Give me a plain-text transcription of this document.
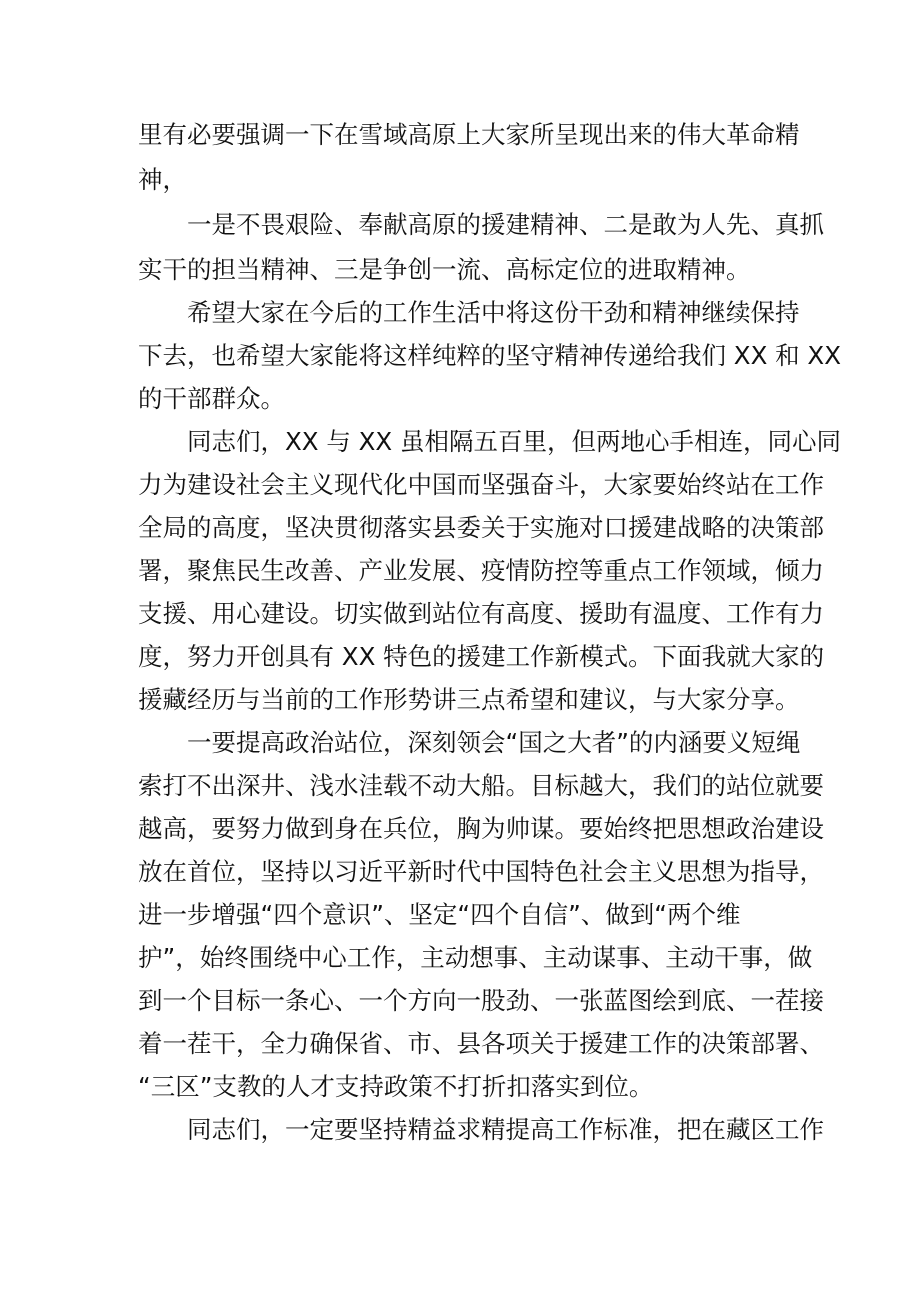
里有必要强调一下在雪域高原上大家所呈现出来的伟大革命精
神，
一是不畏艰险、奉献高原的援建精神、二是敢为人先、真抓
实干的担当精神、三是争创一流、高标定位的进取精神。
希望大家在今后的工作生活中将这份干劲和精神继续保持
下去，也希望大家能将这样纯粹的坚守精神传递给我们 XX 和 XX
的干部群众。
同志们，XX 与 XX 虽相隔五百里，但两地心手相连，同心同
力为建设社会主义现代化中国而坚强奋斗，大家要始终站在工作
全局的高度，坚决贯彻落实县委关于实施对口援建战略的决策部
署，聚焦民生改善、产业发展、疫情防控等重点工作领域，倾力
支援、用心建设。切实做到站位有高度、援助有温度、工作有力
度，努力开创具有 XX 特色的援建工作新模式。下面我就大家的
援藏经历与当前的工作形势讲三点希望和建议，与大家分享。
一要提高政治站位，深刻领会“国之大者”的内涵要义短绳
索打不出深井、浅水洼载不动大船。目标越大，我们的站位就要
越高，要努力做到身在兵位，胸为帅谋。要始终把思想政治建设
放在首位，坚持以习近平新时代中国特色社会主义思想为指导，
进一步增强“四个意识”、坚定“四个自信”、做到“两个维
护”，始终围绕中心工作，主动想事、主动谋事、主动干事，做
到一个目标一条心、一个方向一股劲、一张蓝图绘到底、一茬接
着一茬干，全力确保省、市、县各项关于援建工作的决策部署、
“三区”支教的人才支持政策不打折扣落实到位。
同志们，一定要坚持精益求精提高工作标准，把在藏区工作
